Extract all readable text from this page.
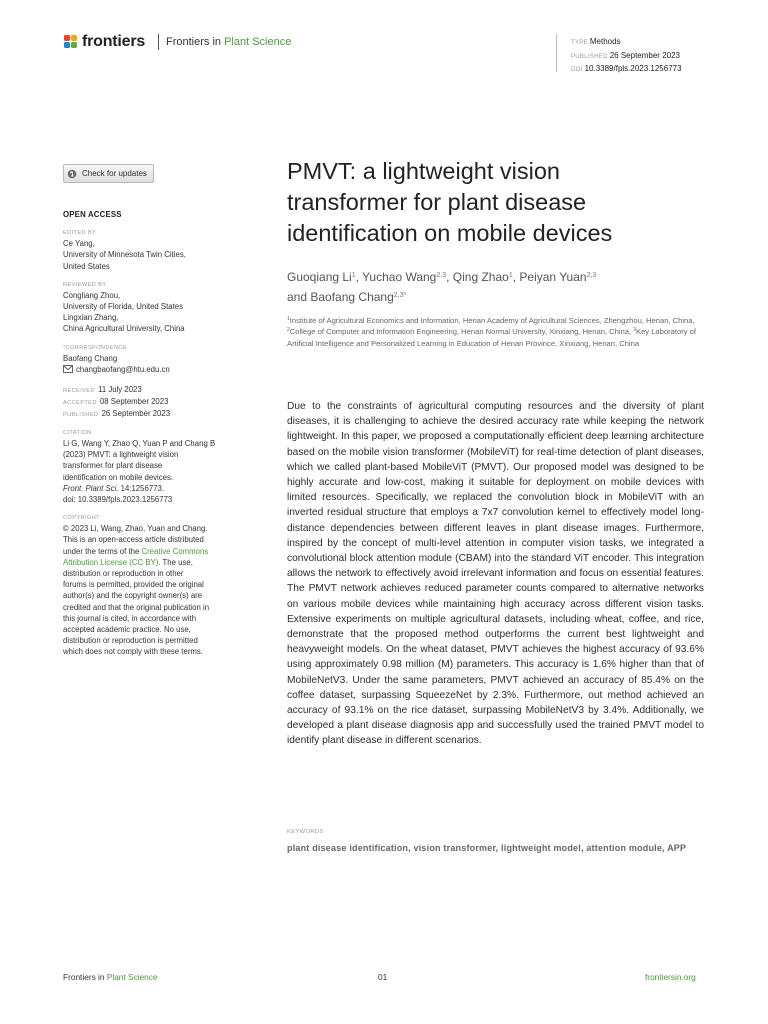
frontiers Frontiers in Plant Science	TYPE Methods
PUBLISHED 26 September 2023
DOI 10.3389/fpls.2023.1256773
Check for updates
OPEN ACCESS
EDITED BY
Ce Yang,
University of Minnesota Twin Cities,
United States
REVIEWED BY
Congliang Zhou,
University of Florida, United States
Lingxian Zhang,
China Agricultural University, China
*CORRESPONDENCE
Baofang Chang
changbaofang@htu.edu.cn
RECEIVED 11 July 2023
ACCEPTED 08 September 2023
PUBLISHED 26 September 2023
CITATION
Li G, Wang Y, Zhao Q, Yuan P and Chang B
(2023) PMVT: a lightweight vision
transformer for plant disease
identification on mobile devices.
Front. Plant Sci. 14:1256773.
doi: 10.3389/fpls.2023.1256773
COPYRIGHT
© 2023 Li, Wang, Zhao, Yuan and Chang.
This is an open-access article distributed
under the terms of the Creative Commons
Attribution License (CC BY). The use,
distribution or reproduction in other
forums is permitted, provided the original
author(s) and the copyright owner(s) are
credited and that the original publication in
this journal is cited, in accordance with
accepted academic practice. No use,
distribution or reproduction is permitted
which does not comply with these terms.
PMVT: a lightweight vision
transformer for plant disease
identification on mobile devices
Guoqiang Li$^1$, Yuchao Wang$^{2,3}$, Qing Zhao$^1$, Peiyan Yuan$^{2,3}$
and Baofang Chang$^{2,3*}$
$^1$Institute of Agricultural Economics and Information, Henan Academy of Agricultural Sciences, Zhengzhou, Henan, China, $^2$College of Computer and Information Engineering, Henan Normal University, Xinxiang, Henan, China, $^3$Key Laboratory of Artificial Intelligence and Personalized Learning in Education of Henan Province, Xinxiang, Henan, China
Due to the constraints of agricultural computing resources and the diversity of plant diseases, it is challenging to achieve the desired accuracy rate while keeping the network lightweight. In this paper, we proposed a computationally efficient deep learning architecture based on the mobile vision transformer (MobileViT) for real-time detection of plant diseases, which we called plant-based MobileViT (PMVT). Our proposed model was designed to be highly accurate and low-cost, making it suitable for deployment on mobile devices with limited resources. Specifically, we replaced the convolution block in MobileViT with an inverted residual structure that employs a 7x7 convolution kernel to effectively model long-distance dependencies between different leaves in plant disease images. Furthermore, inspired by the concept of multi-level attention in computer vision tasks, we integrated a convolutional block attention module (CBAM) into the standard ViT encoder. This integration allows the network to effectively avoid irrelevant information and focus on essential features. The PMVT network achieves reduced parameter counts compared to alternative networks on various mobile devices while maintaining high accuracy across different vision tasks. Extensive experiments on multiple agricultural datasets, including wheat, coffee, and rice, demonstrate that the proposed method outperforms the current best lightweight and heavyweight models. On the wheat dataset, PMVT achieves the highest accuracy of 93.6% using approximately 0.98 million (M) parameters. This accuracy is 1.6% higher than that of MobileNetV3. Under the same parameters, PMVT achieved an accuracy of 85.4% on the coffee dataset, surpassing SqueezeNet by 2.3%. Furthermore, out method achieved an accuracy of 93.1% on the rice dataset, surpassing MobileNetV3 by 3.4%. Additionally, we developed a plant disease diagnosis app and successfully used the trained PMVT model to identify plant disease in different scenarios.
KEYWORDS
plant disease identification, vision transformer, lightweight model, attention module, APP
Frontiers in Plant Science	01	frontiersin.org
